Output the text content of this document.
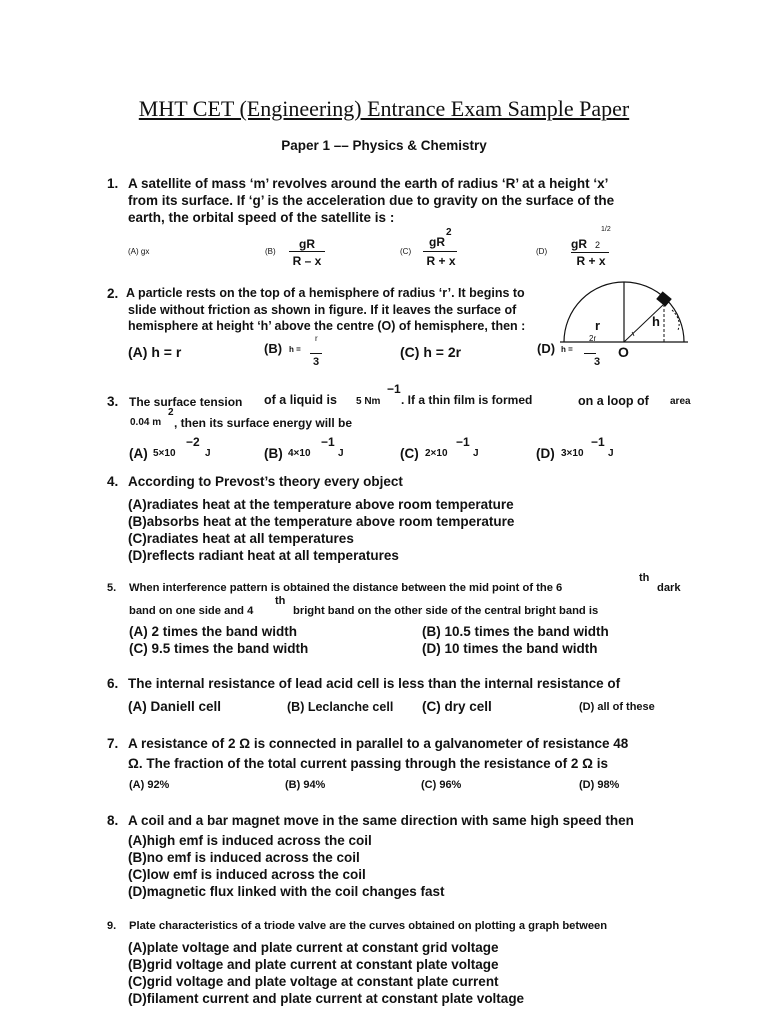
MHT CET (Engineering) Entrance Exam Sample Paper
Paper 1 –– Physics & Chemistry
1. A satellite of mass ‘m’ revolves around the earth of radius ‘R’ at a height ‘x’
from its surface. If ‘g’ is the acceleration due to gravity on the surface of the
earth, the orbital speed of the satellite is :
(A) gx	(B)
gR
R – x
(C)
gR
2
R + x
(D)
1/2
gR 2
R + x
2. A particle rests on the top of a hemisphere of radius ‘r’. It begins to
slide without friction as shown in figure. If it leaves the surface of
hemisphere at height ‘h’ above the centre (O) of hemisphere, then :	h
r
(A) h = r	(B) h =
r
3
(C) h = 2r	(D) h =
2r
3
O
3. The surface tension of a liquid is 5 Nm
−1
. If a thin film is formed	on a loop of area
0.04 m
2
, then its surface energy will be
(A) 5×10
−2
J	(B) 4×10
−1
J	(C) 2×10
−1
J	(D) 3×10
−1
J
4. According to Prevost’s theory every object
(A)radiates heat at the temperature above room temperature
(B)absorbs heat at the temperature above room temperature
(C)radiates heat at all temperatures
(D)reflects radiant heat at all temperatures
5. When interference pattern is obtained the distance between the mid point of the 6
th
dark
band on one side and 4
th
bright band on the other side of the central bright band is
(A) 2 times the band width	(B) 10.5 times the band width
(C) 9.5 times the band width	(D) 10 times the band width
6. The internal resistance of lead acid cell is less than the internal resistance of
(A) Daniell cell	(B) Leclanche cell (C) dry cell	(D) all of these
7. A resistance of 2 Ω is connected in parallel to a galvanometer of resistance 48
Ω. The fraction of the total current passing through the resistance of 2 Ω is
(A) 92%	(B) 94%	(C) 96%	(D) 98%
8. A coil and a bar magnet move in the same direction with same high speed then
(A)high emf is induced across the coil
(B)no emf is induced across the coil
(C)low emf is induced across the coil
(D)magnetic flux linked with the coil changes fast
9. Plate characteristics of a triode valve are the curves obtained on plotting a graph between
(A)plate voltage and plate current at constant grid voltage
(B)grid voltage and plate current at constant plate voltage
(C)grid voltage and plate voltage at constant plate current
(D)filament current and plate current at constant plate voltage
